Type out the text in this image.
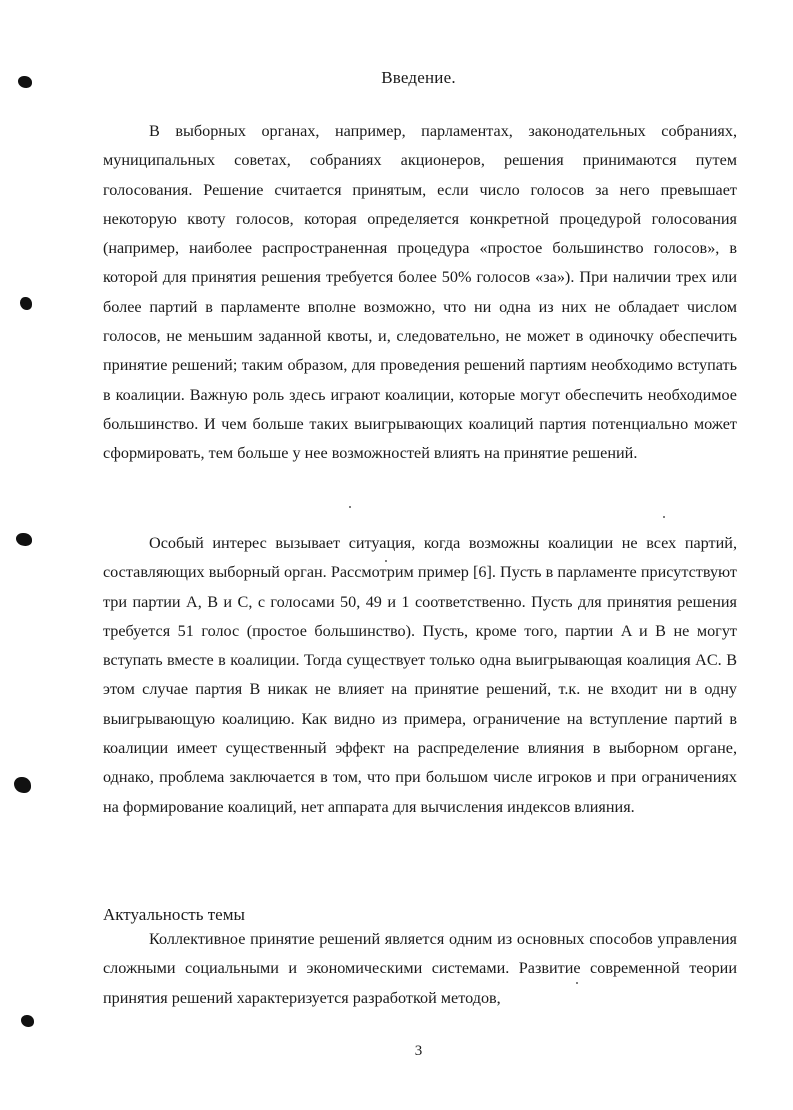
Введение.

В выборных органах, например, парламентах, законодательных собраниях, муниципальных советах, собраниях акционеров, решения принимаются путем голосования. Решение считается принятым, если число голосов за него превышает некоторую квоту голосов, которая определяется конкретной процедурой голосования (например, наиболее распространенная процедура «простое большинство голосов», в которой для принятия решения требуется более 50% голосов «за»). При наличии трех или более партий в парламенте вполне возможно, что ни одна из них не обладает числом голосов, не меньшим заданной квоты, и, следовательно, не может в одиночку обеспечить принятие решений; таким образом, для проведения решений партиям необходимо вступать в коалиции. Важную роль здесь играют коалиции, которые могут обеспечить необходимое большинство. И чем больше таких выигрывающих коалиций партия потенциально может сформировать, тем больше у нее возможностей влиять на принятие решений.

Особый интерес вызывает ситуация, когда возможны коалиции не всех партий, составляющих выборный орган. Рассмотрим пример [6]. Пусть в парламенте присутствуют три партии A, B и C, с голосами 50, 49 и 1 соответственно. Пусть для принятия решения требуется 51 голос (простое большинство). Пусть, кроме того, партии A и B не могут вступать вместе в коалиции. Тогда существует только одна выигрывающая коалиция AC. В этом случае партия B никак не влияет на принятие решений, т.к. не входит ни в одну выигрывающую коалицию. Как видно из примера, ограничение на вступление партий в коалиции имеет существенный эффект на распределение влияния в выборном органе, однако, проблема заключается в том, что при большом числе игроков и при ограничениях на формирование коалиций, нет аппарата для вычисления индексов влияния.

Актуальность темы

Коллективное принятие решений является одним из основных способов управления сложными социальными и экономическими системами. Развитие современной теории принятия решений характеризуется разработкой методов,

3
